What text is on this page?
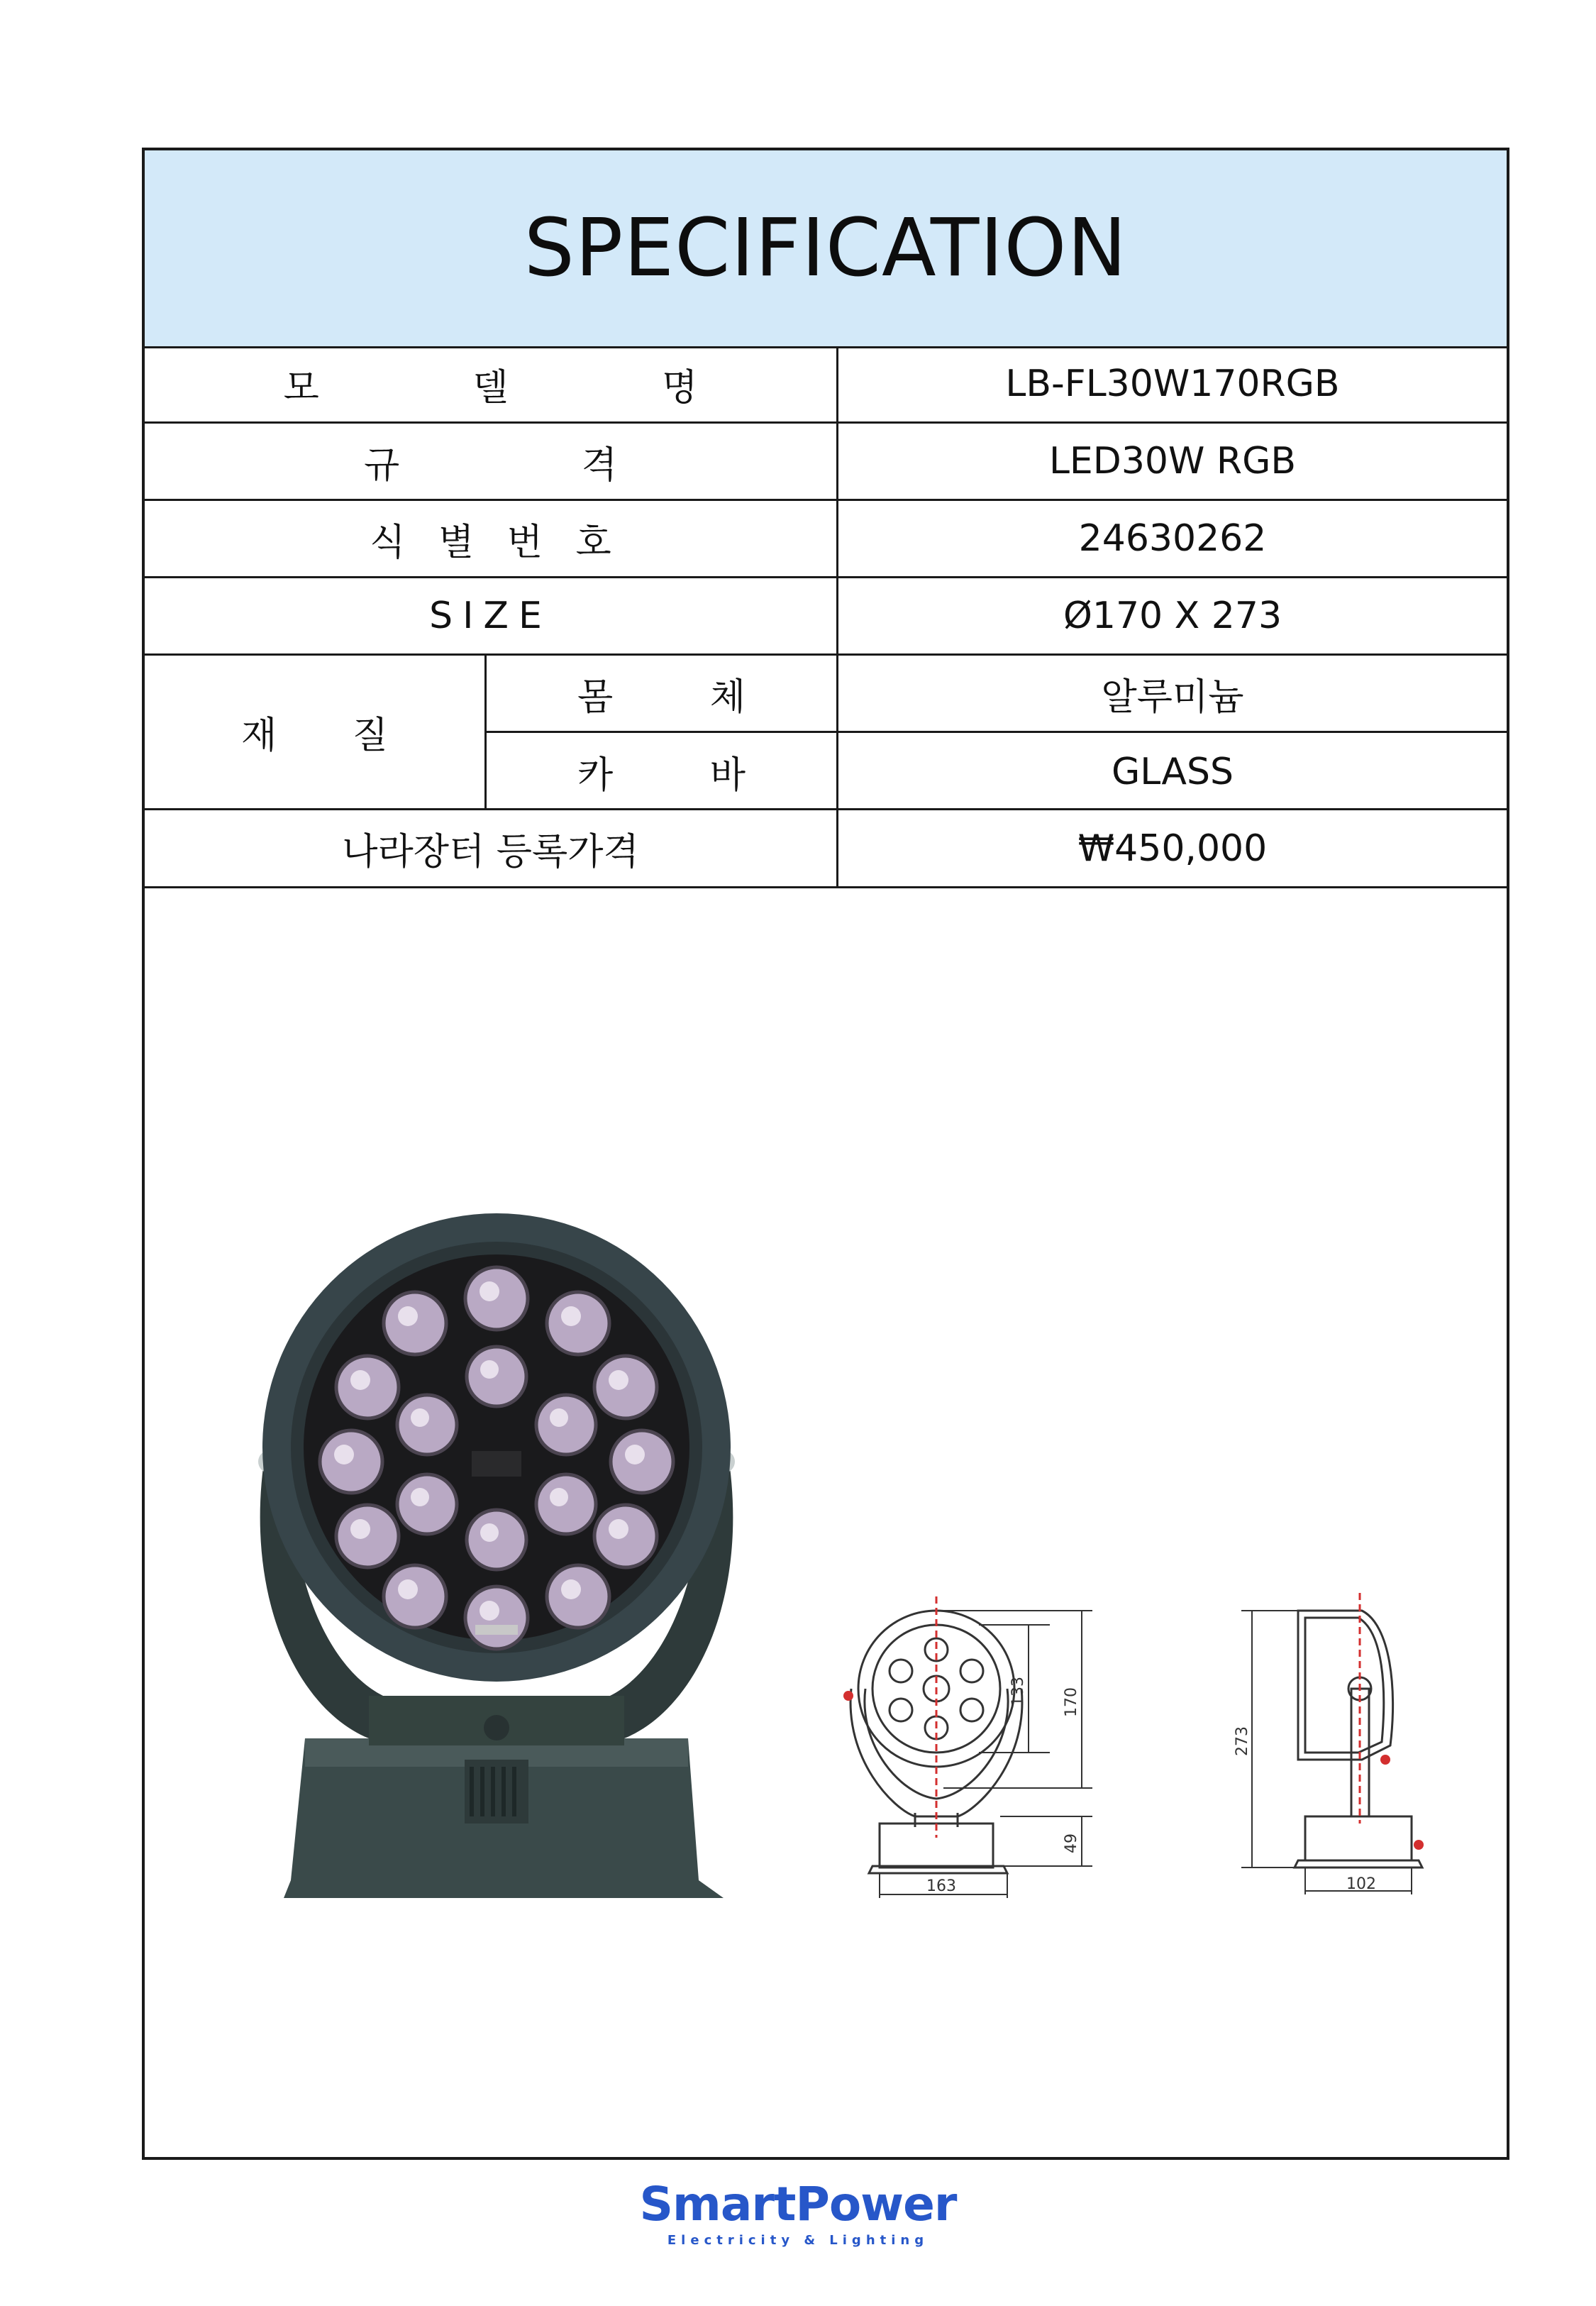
SPECIFICATION
모 델 명	LB-FL30W170RGB
규 격	LED30W RGB
식 별 번 호	24630262
SIZE	Ø170 X 273
재 질
몸 체	알루미늄
카 바	GLASS
나라장터 등록가격	₩450,000
133 170
49
163
273
102
SmartPower
Electricity & Lighting
